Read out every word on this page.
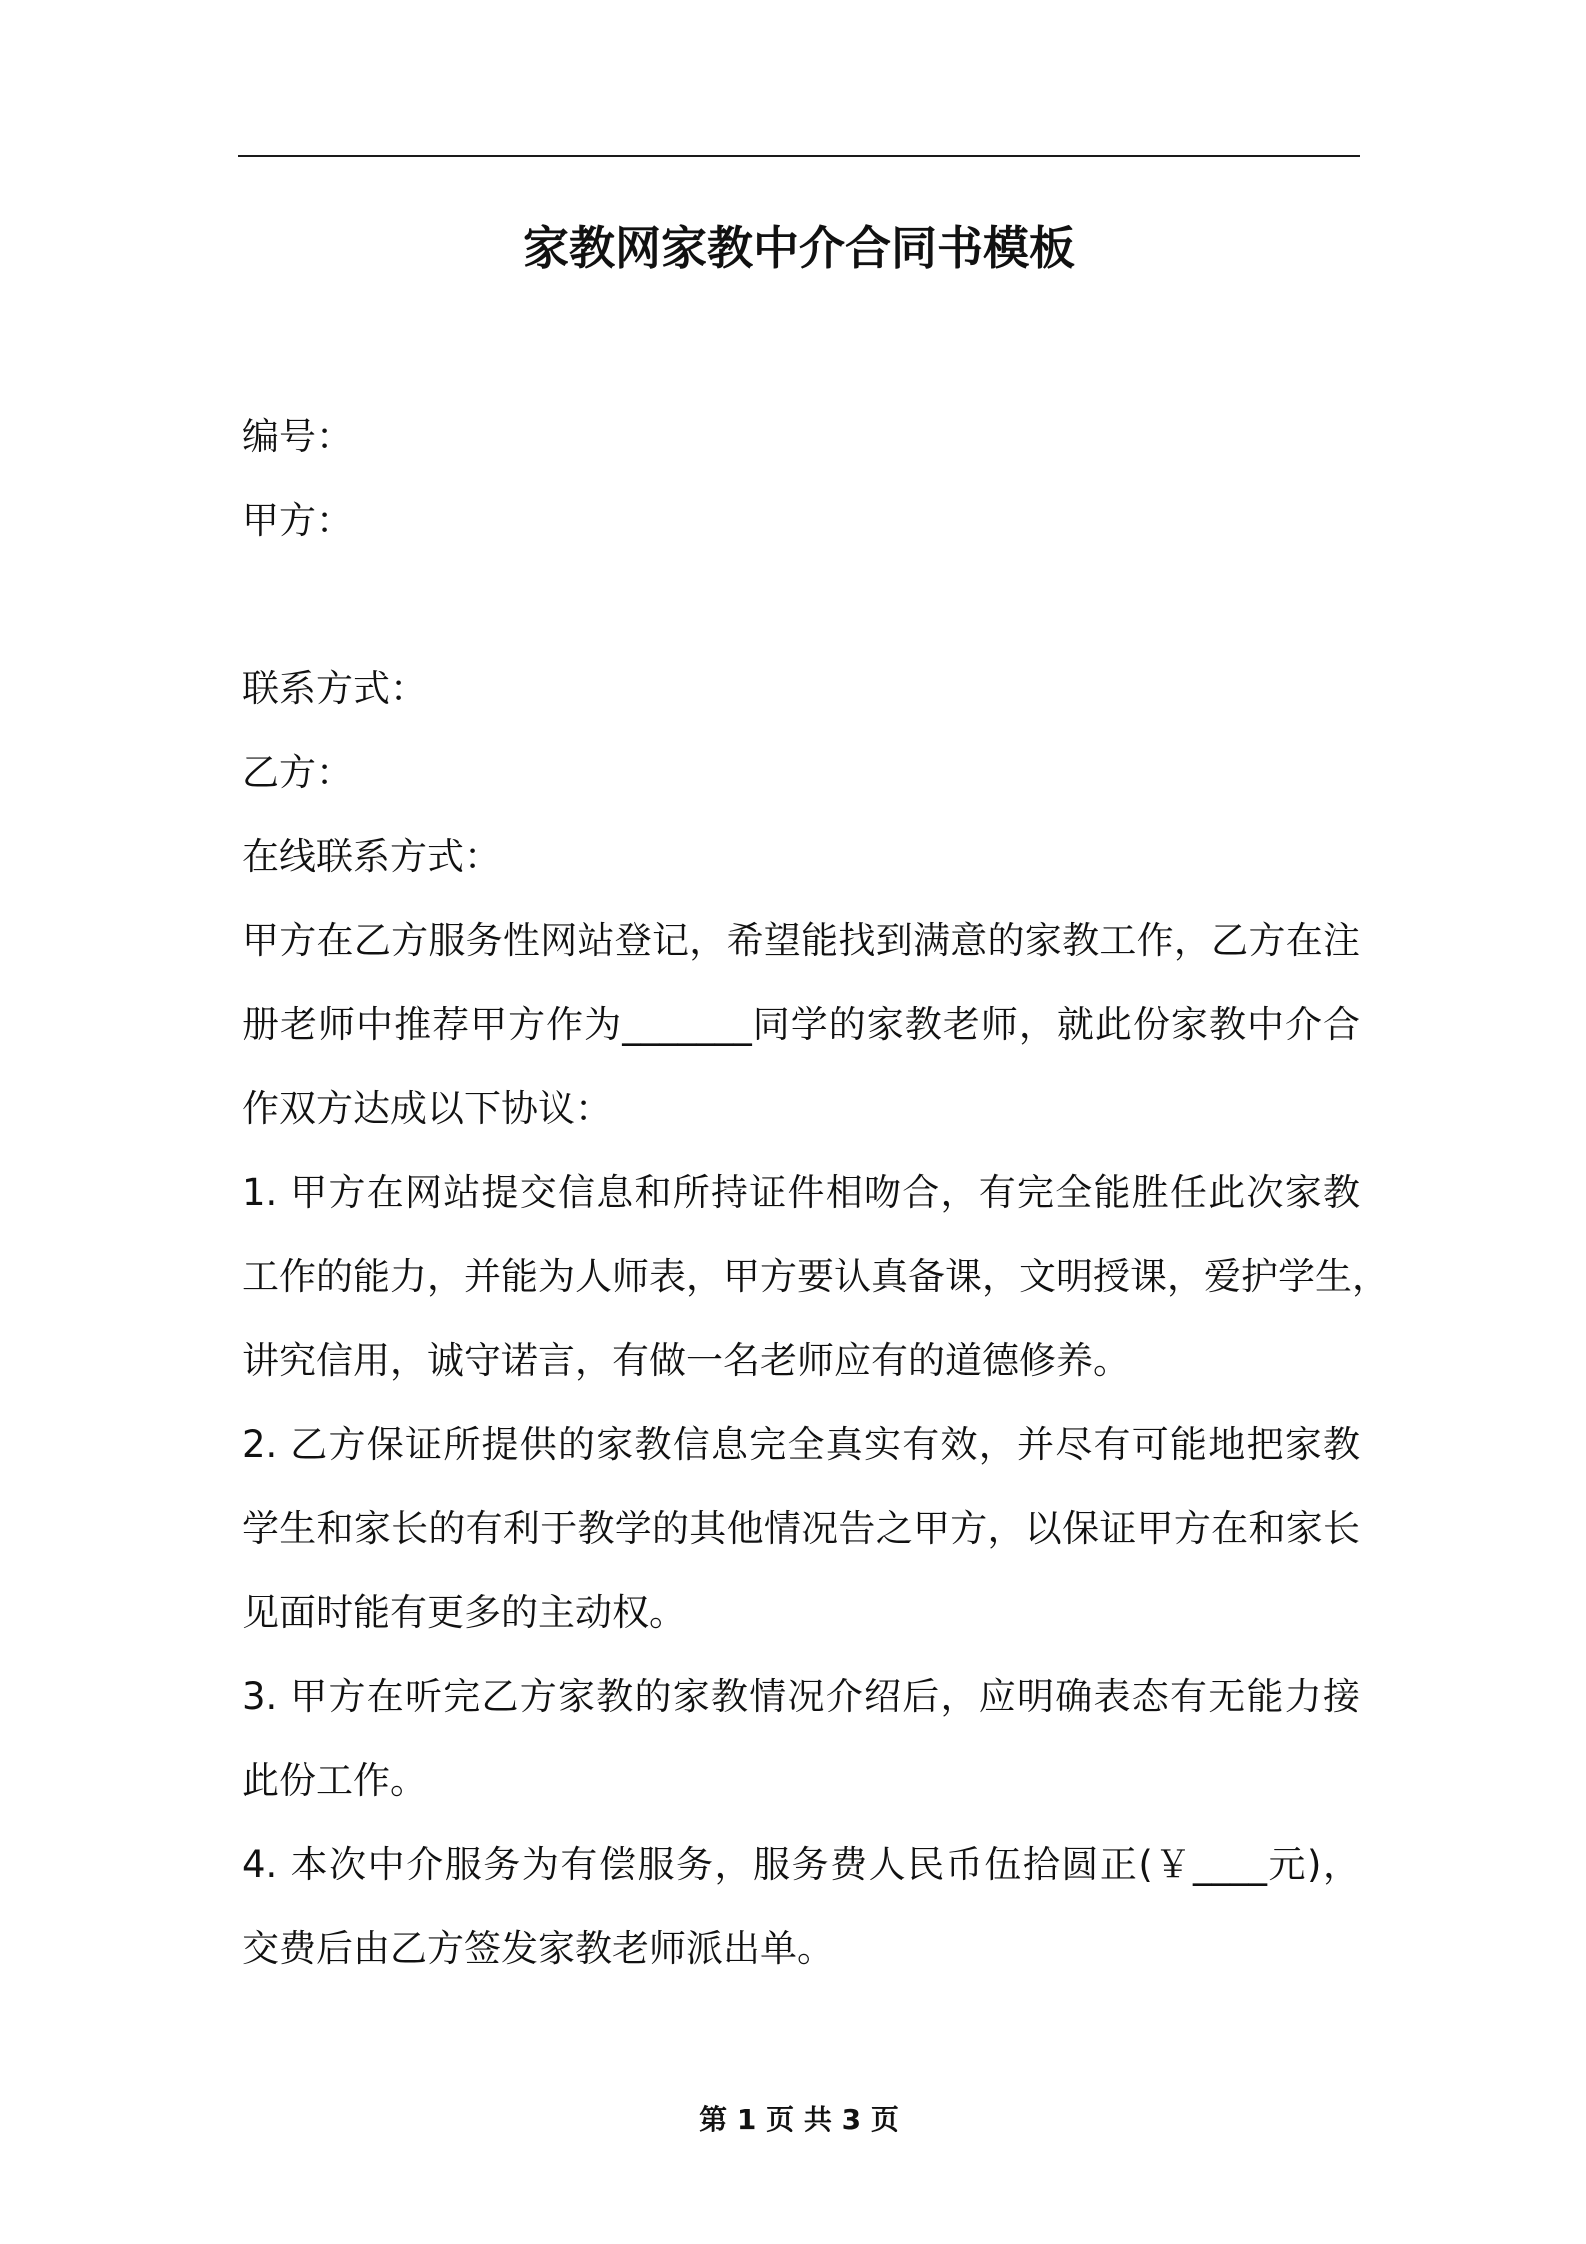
家教网家教中介合同书模板
编号：
甲方：
联系方式：
乙方：
在线联系方式：
甲方在乙方服务性网站登记，希望能找到满意的家教工作，乙方在注
册老师中推荐甲方作为_______同学的家教老师，就此份家教中介合
作双方达成以下协议：
1. 甲方在网站提交信息和所持证件相吻合，有完全能胜任此次家教
工作的能力，并能为人师表，甲方要认真备课，文明授课，爱护学生，
讲究信用，诚守诺言，有做一名老师应有的道德修养。
2. 乙方保证所提供的家教信息完全真实有效，并尽有可能地把家教
学生和家长的有利于教学的其他情况告之甲方，以保证甲方在和家长
见面时能有更多的主动权。
3. 甲方在听完乙方家教的家教情况介绍后，应明确表态有无能力接
此份工作。
4. 本次中介服务为有偿服务，服务费人民币伍拾圆正(￥____元)，
交费后由乙方签发家教老师派出单。
第 1 页 共 3 页
